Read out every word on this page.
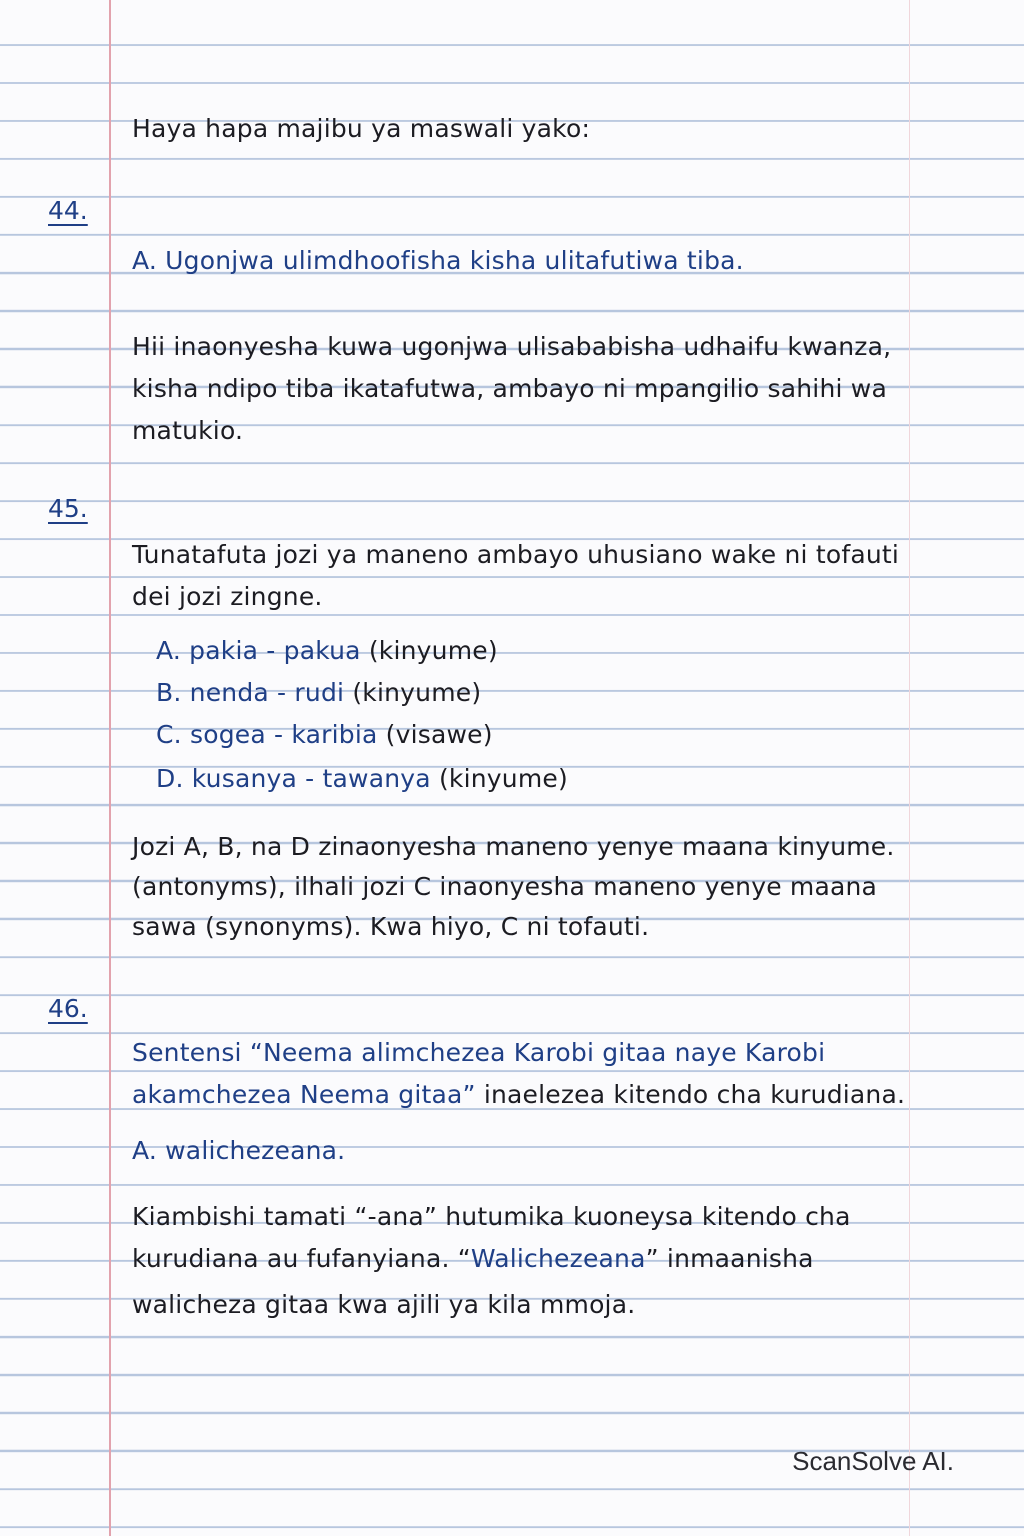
Haya hapa majibu ya maswali yako:

44.

A. Ugonjwa ulimdhoofisha kisha ulitafutiwa tiba.

Hii inaonyesha kuwa ugonjwa ulisababisha udhaifu kwanza,

kisha ndipo tiba ikatafutwa, ambayo ni mpangilio sahihi wa

matukio.

45.

Tunatafuta jozi ya maneno ambayo uhusiano wake ni tofauti

dei jozi zingne.

A. pakia - pakua (kinyume)

B. nenda - rudi (kinyume)

C. sogea - karibia (visawe)

D. kusanya - tawanya (kinyume)

Jozi A, B, na D zinaonyesha maneno yenye maana kinyume.

(antonyms), ilhali jozi C inaonyesha maneno yenye maana

sawa (synonyms). Kwa hiyo, C ni tofauti.

46.

Sentensi “Neema alimchezea Karobi gitaa naye Karobi

akamchezea Neema gitaa” inaelezea kitendo cha kurudiana.

A. walichezeana.

Kiambishi tamati “-ana” hutumika kuoneysa kitendo cha

kurudiana au fufanyiana. “Walichezeana” inmaanisha

walicheza gitaa kwa ajili ya kila mmoja.

ScanSolve AI.
